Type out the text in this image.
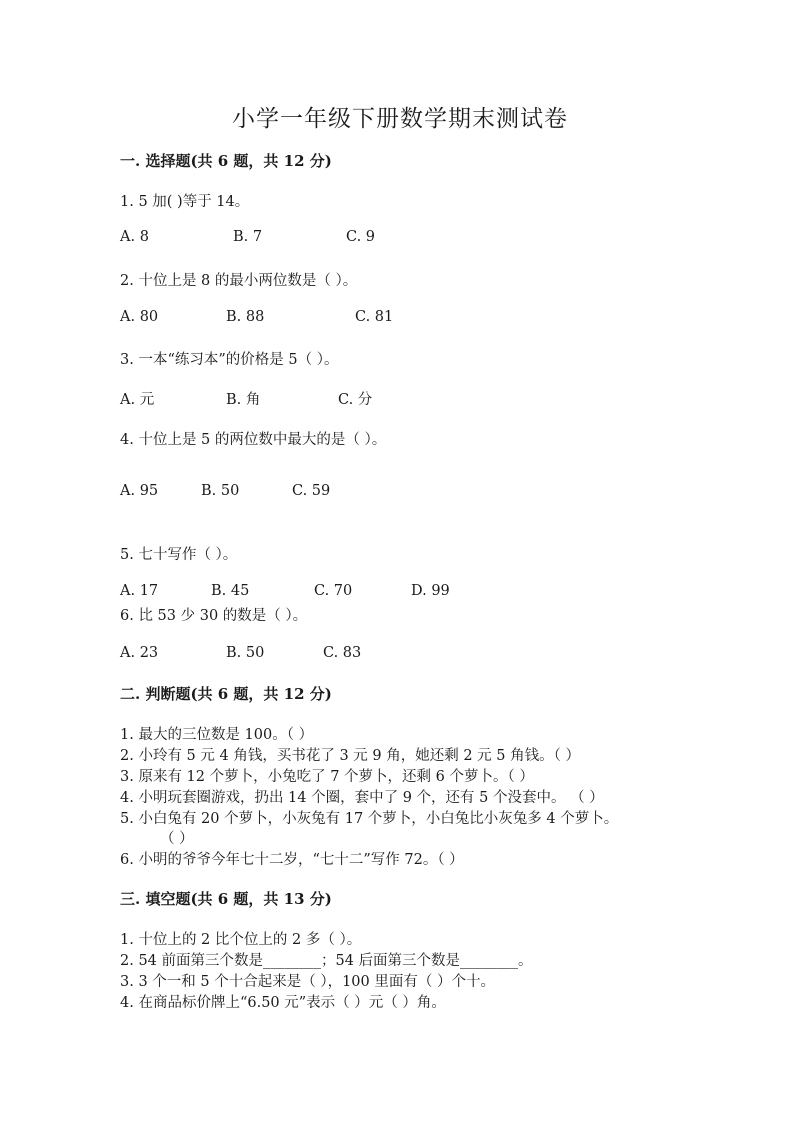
小学一年级下册数学期末测试卷
一. 选择题(共 6 题，共 12 分)
1. 5 加( )等于 14。
A. 8	B. 7	C. 9
2. 十位上是 8 的最小两位数是（ ）。
A. 80	B. 88	C. 81
3. 一本“练习本”的价格是 5（ ）。
A. 元	B. 角	C. 分
4. 十位上是 5 的两位数中最大的是（ ）。
A. 95	B. 50	C. 59
5. 七十写作（ ）。
A. 17	B. 45	C. 70	D. 99
6. 比 53 少 30 的数是（ ）。
A. 23	B. 50	C. 83
二. 判断题(共 6 题，共 12 分)
1. 最大的三位数是 100。（ ）
2. 小玲有 5 元 4 角钱，买书花了 3 元 9 角，她还剩 2 元 5 角钱。（ ）
3. 原来有 12 个萝卜，小兔吃了 7 个萝卜，还剩 6 个萝卜。（ ）
4. 小明玩套圈游戏，扔出 14 个圈，套中了 9 个，还有 5 个没套中。 （ ）
5. 小白兔有 20 个萝卜，小灰兔有 17 个萝卜，小白兔比小灰兔多 4 个萝卜。
（ ）
6. 小明的爷爷今年七十二岁，“七十二”写作 72。（ ）
三. 填空题(共 6 题，共 13 分)
1. 十位上的 2 比个位上的 2 多（ ）。
2. 54 前面第三个数是________；54 后面第三个数是________。
3. 3 个一和 5 个十合起来是（ ），100 里面有（ ）个十。
4. 在商品标价牌上“6.50 元”表示（ ）元（ ）角。
